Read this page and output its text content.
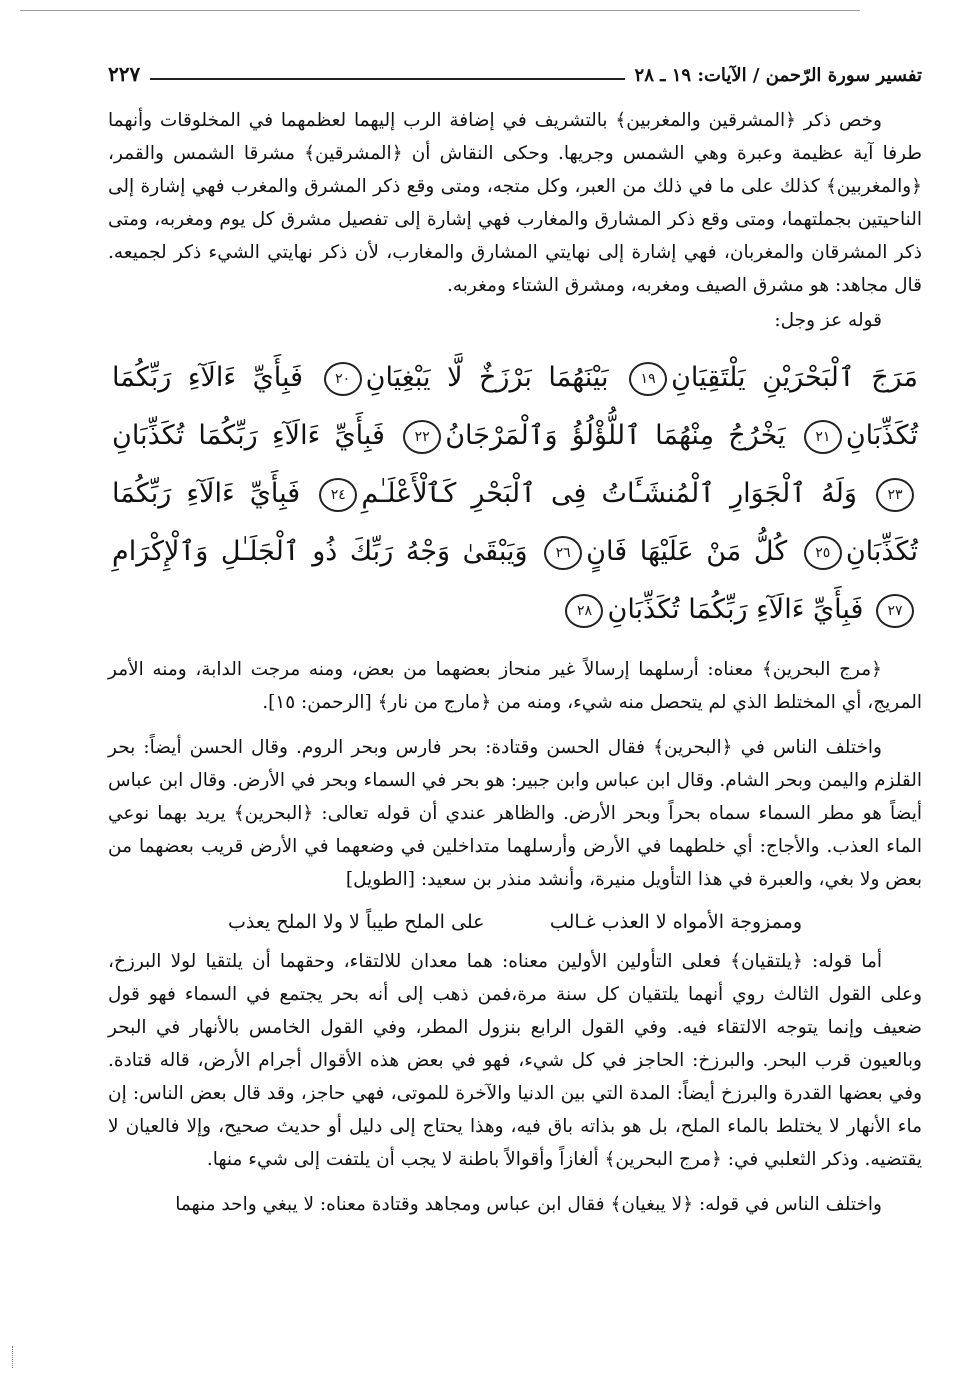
تفسير سورة الرّحمن / الآيات: ١٩ ـ ٢٨
٢٢٧

وخص ذكر ﴿المشرقين والمغربين﴾ بالتشريف في إضافة الرب إليهما لعظمهما في المخلوقات وأنهما طرفا آية عظيمة وعبرة وهي الشمس وجريها. وحكى النقاش أن ﴿المشرقين﴾ مشرقا الشمس والقمر، ﴿والمغربين﴾ كذلك على ما في ذلك من العبر، وكل متجه، ومتى وقع ذكر المشرق والمغرب فهي إشارة إلى الناحيتين بجملتهما، ومتى وقع ذكر المشارق والمغارب فهي إشارة إلى تفصيل مشرق كل يوم ومغربه، ومتى ذكر المشرقان والمغربان، فهي إشارة إلى نهايتي المشارق والمغارب، لأن ذكر نهايتي الشيء ذكر لجميعه. قال مجاهد: هو مشرق الصيف ومغربه، ومشرق الشتاء ومغربه.

قوله عز وجل:

مَرَجَ ٱلْبَحْرَيْنِ يَلْتَقِيَانِ١٩ بَيْنَهُمَا بَرْزَخٌ لَّا يَبْغِيَانِ٢٠ فَبِأَيِّ ءَالَآءِ رَبِّكُمَا تُكَذِّبَانِ٢١ يَخْرُجُ مِنْهُمَا ٱللُّؤْلُؤُ وَٱلْمَرْجَانُ٢٢ فَبِأَيِّ ءَالَآءِ رَبِّكُمَا تُكَذِّبَانِ٢٣ وَلَهُ ٱلْجَوَارِ ٱلْمُنشَـَٔاتُ فِى ٱلْبَحْرِ كَٱلْأَعْلَـٰمِ٢٤ فَبِأَيِّ ءَالَآءِ رَبِّكُمَا تُكَذِّبَانِ٢٥ كُلُّ مَنْ عَلَيْهَا فَانٍ٢٦ وَيَبْقَىٰ وَجْهُ رَبِّكَ ذُو ٱلْجَلَـٰلِ وَٱلْإِكْرَامِ٢٧ فَبِأَيِّ ءَالَآءِ رَبِّكُمَا تُكَذِّبَانِ٢٨

﴿مرج البحرين﴾ معناه: أرسلهما إرسالاً غير منحاز بعضهما من بعض، ومنه مرجت الدابة، ومنه الأمر المريج، أي المختلط الذي لم يتحصل منه شيء، ومنه من ﴿مارج من نار﴾ [الرحمن: ١٥].

واختلف الناس في ﴿البحرين﴾ فقال الحسن وقتادة: بحر فارس وبحر الروم. وقال الحسن أيضاً: بحر القلزم واليمن وبحر الشام. وقال ابن عباس وابن جبير: هو بحر في السماء وبحر في الأرض. وقال ابن عباس أيضاً هو مطر السماء سماه بحراً وبحر الأرض. والظاهر عندي أن قوله تعالى: ﴿البحرين﴾ يريد بهما نوعي الماء العذب. والأجاج: أي خلطهما في الأرض وأرسلهما متداخلين في وضعهما في الأرض قريب بعضهما من بعض ولا بغي، والعبرة في هذا التأويل منيرة، وأنشد منذر بن سعيد: [الطويل]

وممزوجة الأمواه لا العذب غـالب
على الملح طيباً لا ولا الملح يعذب

أما قوله: ﴿يلتقيان﴾ فعلى التأولين الأولين معناه: هما معدان للالتقاء، وحقهما أن يلتقيا لولا البرزخ، وعلى القول الثالث روي أنهما يلتقيان كل سنة مرة،فمن ذهب إلى أنه بحر يجتمع في السماء فهو قول ضعيف وإنما يتوجه الالتقاء فيه. وفي القول الرابع بنزول المطر، وفي القول الخامس بالأنهار في البحر وبالعيون قرب البحر. والبرزخ: الحاجز في كل شيء، فهو في بعض هذه الأقوال أجرام الأرض، قاله قتادة. وفي بعضها القدرة والبرزخ أيضاً: المدة التي بين الدنيا والآخرة للموتى، فهي حاجز، وقد قال بعض الناس: إن ماء الأنهار لا يختلط بالماء الملح، بل هو بذاته باق فيه، وهذا يحتاج إلى دليل أو حديث صحيح، وإلا فالعيان لا يقتضيه. وذكر الثعلبي في: ﴿مرج البحرين﴾ ألغازاً وأقوالاً باطنة لا يجب أن يلتفت إلى شيء منها.

واختلف الناس في قوله: ﴿لا يبغيان﴾ فقال ابن عباس ومجاهد وقتادة معناه: لا يبغي واحد منهما
